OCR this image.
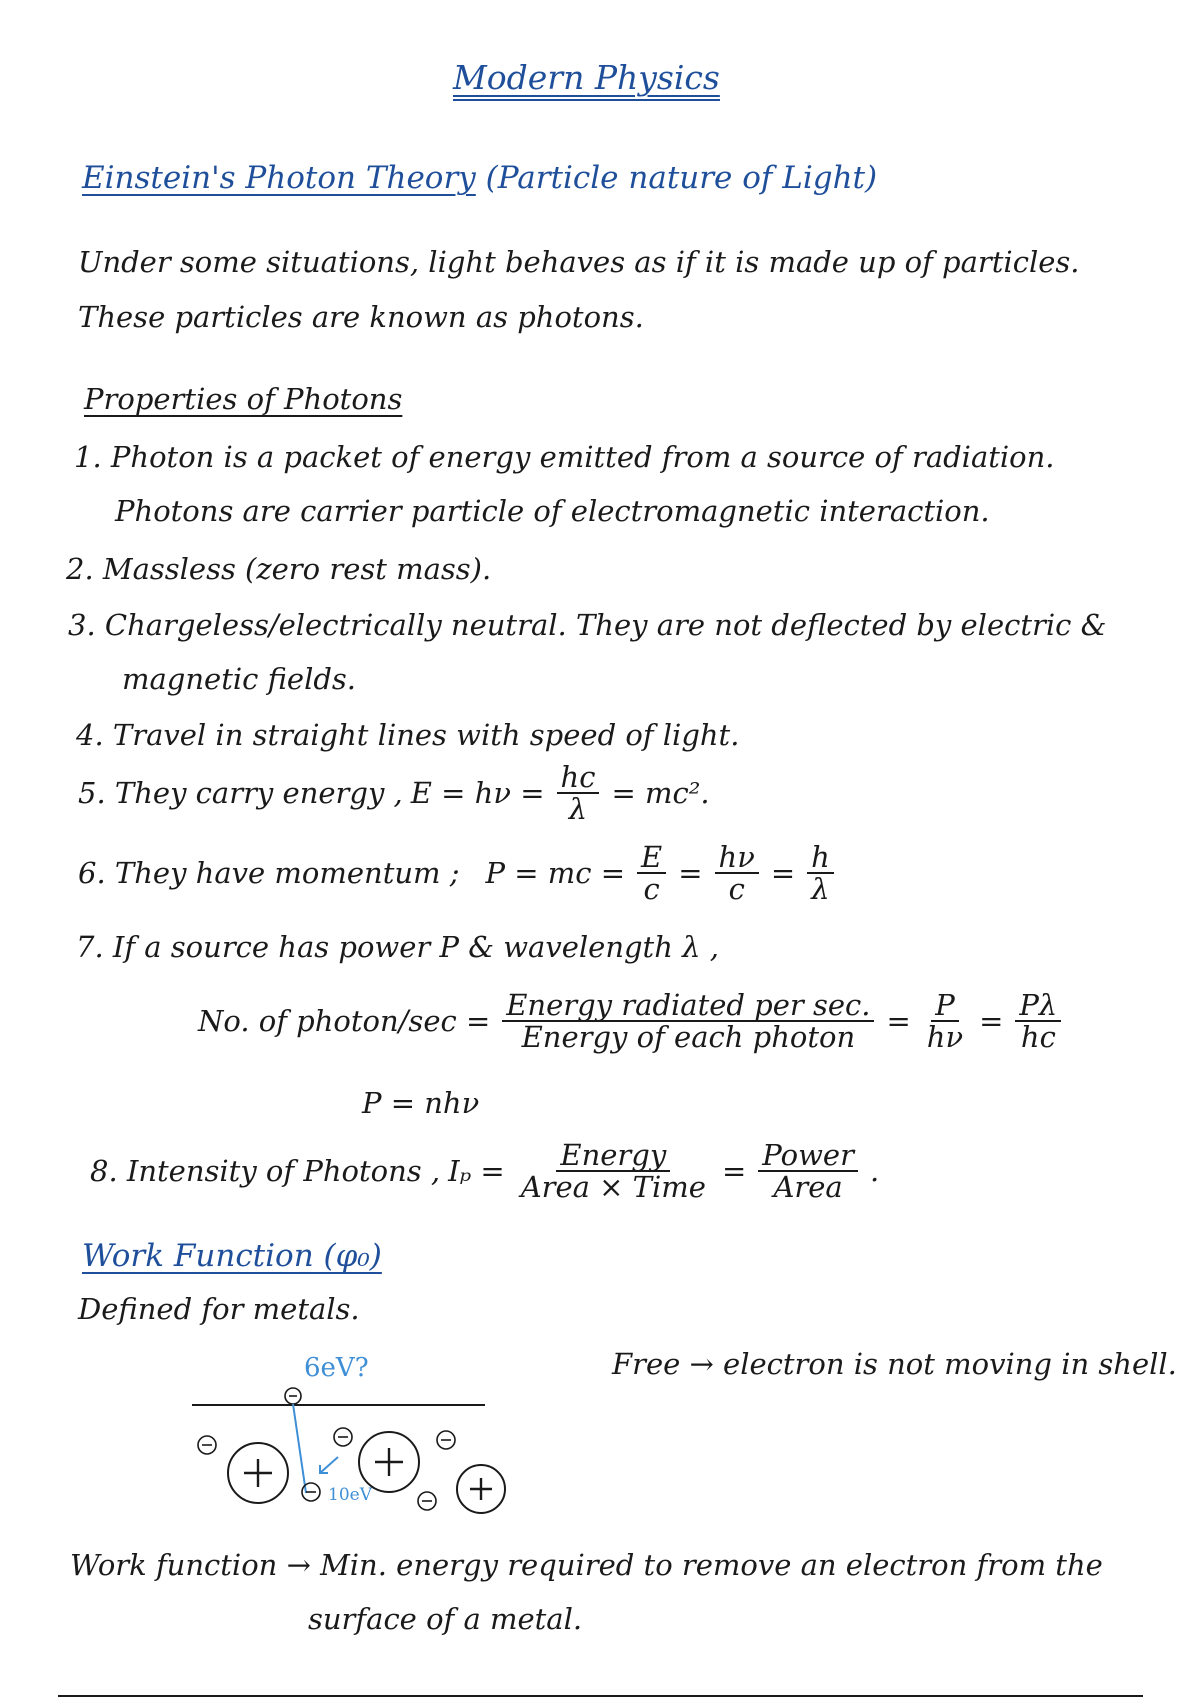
Modern Physics
Einstein's Photon Theory (Particle nature of Light)
Under some situations, light behaves as if it is made up of particles.
These particles are known as photons.
Properties of Photons
1. Photon is a packet of energy emitted from a source of radiation.
Photons are carrier particle of electromagnetic interaction.
2. Massless (zero rest mass).
3. Chargeless/electrically neutral. They are not deflected by electric &
magnetic fields.
4. Travel in straight lines with speed of light.
5. They carry energy , $E = h\nu = \frac{hc}{\lambda} = mc^2$.
6. They have momentum ; P = mc = $\frac{E}{c} = \frac{h\nu}{c} = \frac{h}{\lambda}$
7. If a source has power P & wavelength λ ,
No. of photon/sec = $\frac{\text{Energy radiated per sec.}}{\text{Energy of each photon}} = \frac{P}{h\nu} = \frac{P\lambda}{hc}$
P = nhν
8. Intensity of Photons , $I_p = \frac{\text{Energy}}{\text{Area × Time}} = \frac{\text{Power}}{\text{Area}}$ .
Work Function (φ₀)
Defined for metals.
Free → electron is not moving in shell.
6eV?
10eV
Work function → Min. energy required to remove an electron from the
surface of a metal.
